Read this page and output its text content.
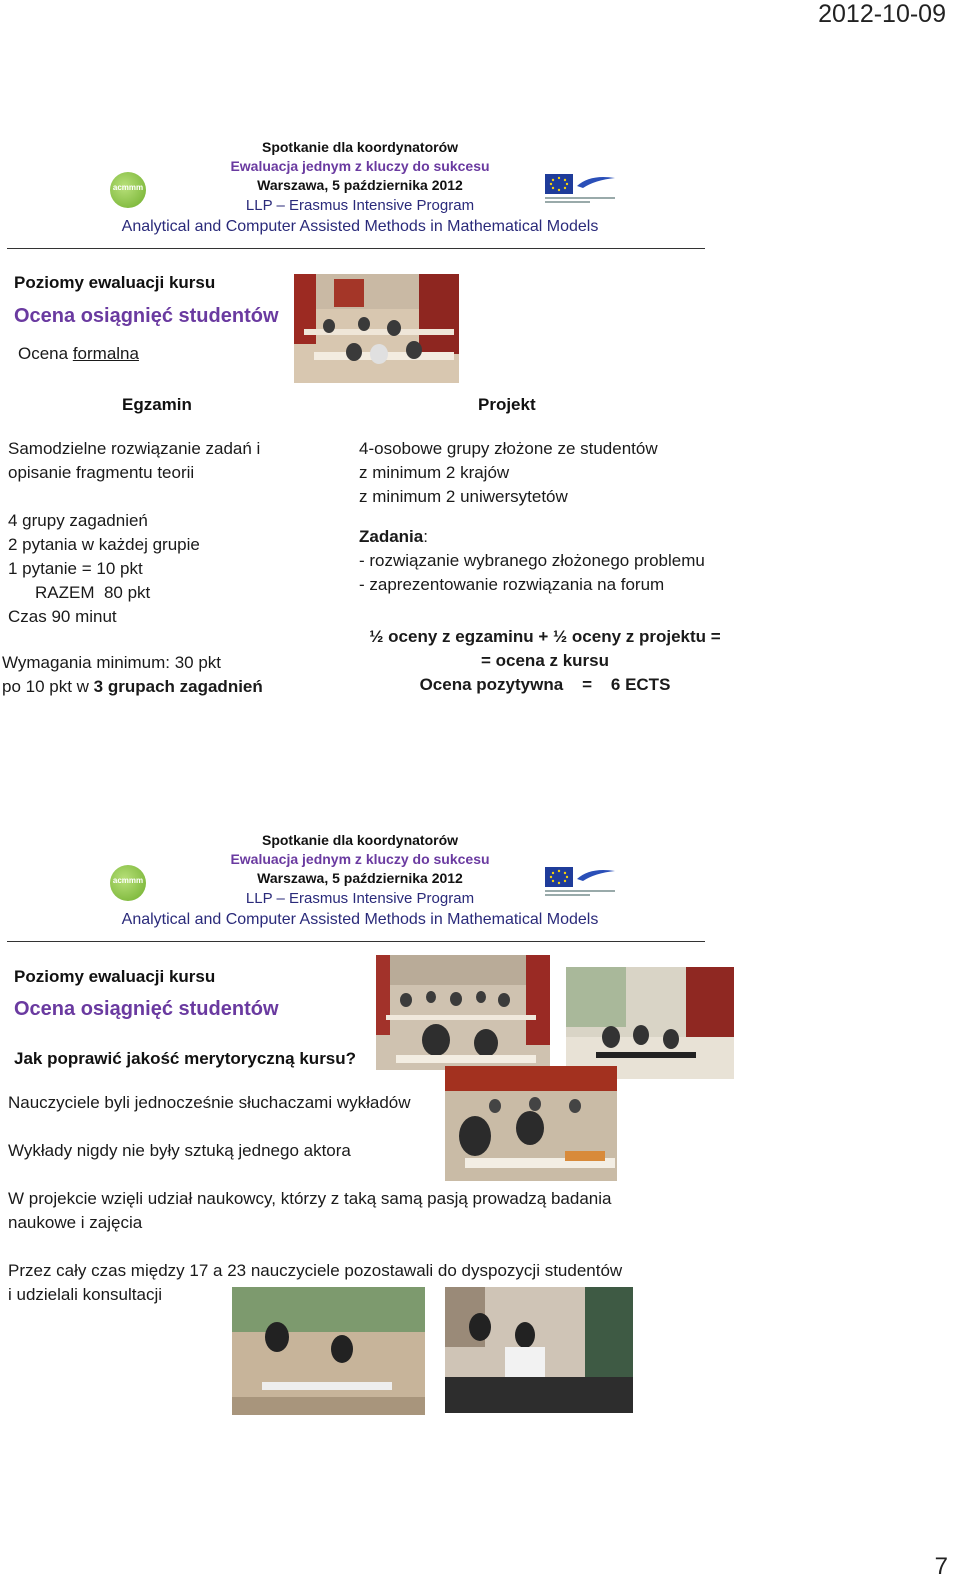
2012-10-09
7
acmmm
Spotkanie dla koordynatorów
Ewaluacja jednym z kluczy do sukcesu
Warszawa, 5 października 2012
LLP – Erasmus Intensive Program
Analytical and Computer Assisted Methods in Mathematical Models
Poziomy ewaluacji kursu
Ocena osiągnięć studentów
Ocena formalna
Egzamin
Samodzielne rozwiązanie zadań i
opisanie fragmentu teorii
4 grupy zagadnień
2 pytania w każdej grupie
1 pytanie = 10 pkt
RAZEM  80 pkt
Czas 90 minut
Wymagania minimum: 30 pkt
po 10 pkt w 3 grupach zagadnień
Projekt
4-osobowe grupy złożone ze studentów
z minimum 2 krajów
z minimum 2 uniwersytetów
Zadania:
- rozwiązanie wybranego złożonego problemu
- zaprezentowanie rozwiązania na forum
½ oceny z egzaminu + ½ oceny z projektu =
= ocena z kursu
Ocena pozytywna    =    6 ECTS
acmmm
Spotkanie dla koordynatorów
Ewaluacja jednym z kluczy do sukcesu
Warszawa, 5 października 2012
LLP – Erasmus Intensive Program
Analytical and Computer Assisted Methods in Mathematical Models
Poziomy ewaluacji kursu
Ocena osiągnięć studentów
Jak poprawić jakość merytoryczną kursu?
Nauczyciele byli jednocześnie słuchaczami wykładów
Wykłady nigdy nie były sztuką jednego aktora
W projekcie wzięli udział naukowcy, którzy z taką samą pasją prowadzą badania
naukowe i zajęcia
Przez cały czas między 17 a 23 nauczyciele pozostawali do dyspozycji studentów
i udzielali konsultacji
